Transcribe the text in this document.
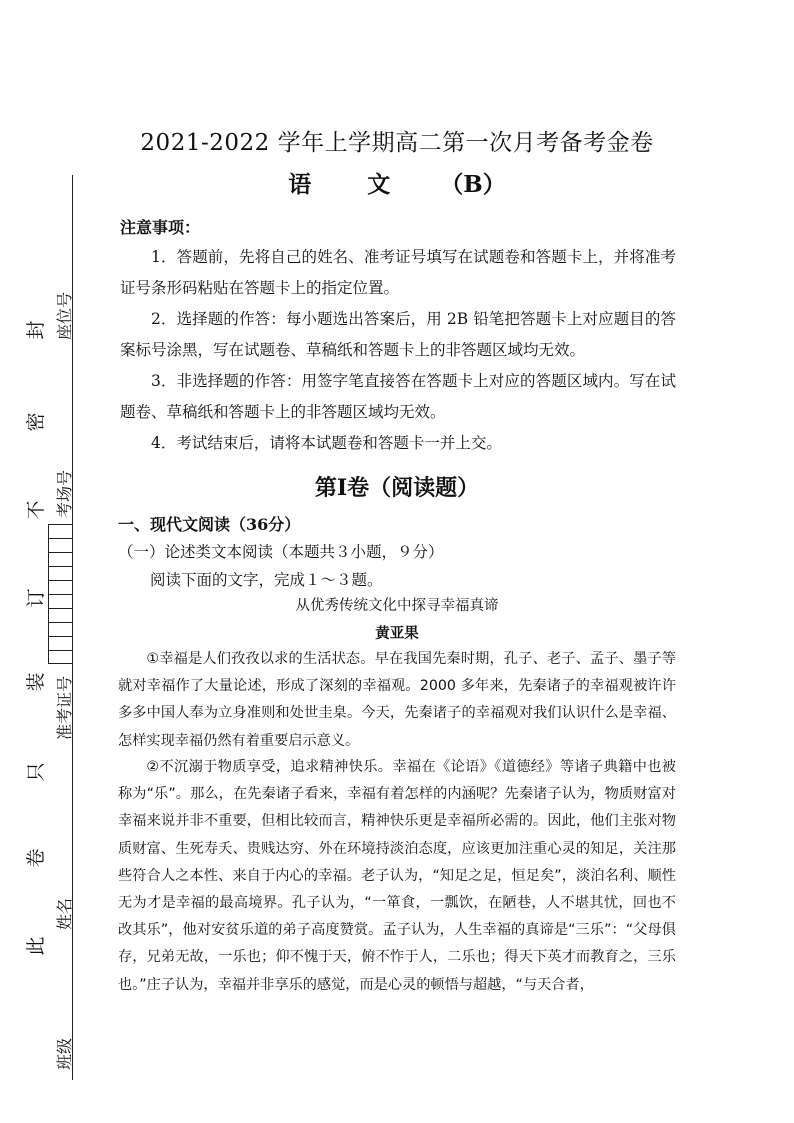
封
密
不
订
装
只
卷
此
座位号
考场号
准考证号
姓名
班级
2021-2022 学年上学期高二第一次月考备考金卷
语 文 （B）
注意事项：
1．答题前，先将自己的姓名、准考证号填写在试题卷和答题卡上，并将准考证号条形码粘贴在答题卡上的指定位置。
2．选择题的作答：每小题选出答案后，用 2B 铅笔把答题卡上对应题目的答案标号涂黑，写在试题卷、草稿纸和答题卡上的非答题区域均无效。
3．非选择题的作答：用签字笔直接答在答题卡上对应的答题区域内。写在试题卷、草稿纸和答题卡上的非答题区域均无效。
4．考试结束后，请将本试题卷和答题卡一并上交。
第Ⅰ卷（阅读题）
一、现代文阅读（36分）
（一）论述类文本阅读（本题共３小题，９分）
阅读下面的文字，完成１～３题。
从优秀传统文化中探寻幸福真谛
黄亚果
①幸福是人们孜孜以求的生活状态。早在我国先秦时期，孔子、老子、孟子、墨子等就对幸福作了大量论述，形成了深刻的幸福观。2000 多年来，先秦诸子的幸福观被许许多多中国人奉为立身准则和处世圭臬。今天，先秦诸子的幸福观对我们认识什么是幸福、怎样实现幸福仍然有着重要启示意义。
②不沉溺于物质享受，追求精神快乐。幸福在《论语》《道德经》等诸子典籍中也被称为“乐”。那么，在先秦诸子看来，幸福有着怎样的内涵呢？先秦诸子认为，物质财富对幸福来说并非不重要，但相比较而言，精神快乐更是幸福所必需的。因此，他们主张对物质财富、生死寿夭、贵贱达穷、外在环境持淡泊态度，应该更加注重心灵的知足，关注那些符合人之本性、来自于内心的幸福。老子认为，“知足之足，恒足矣”，淡泊名利、顺性无为才是幸福的最高境界。孔子认为，“一箪食，一瓢饮，在陋巷，人不堪其忧，回也不改其乐”，他对安贫乐道的弟子高度赞赏。孟子认为，人生幸福的真谛是“三乐”：“父母俱存，兄弟无故，一乐也；仰不愧于天，俯不怍于人，二乐也；得天下英才而教育之，三乐也。”庄子认为，幸福并非享乐的感觉，而是心灵的顿悟与超越，“与天合者，
